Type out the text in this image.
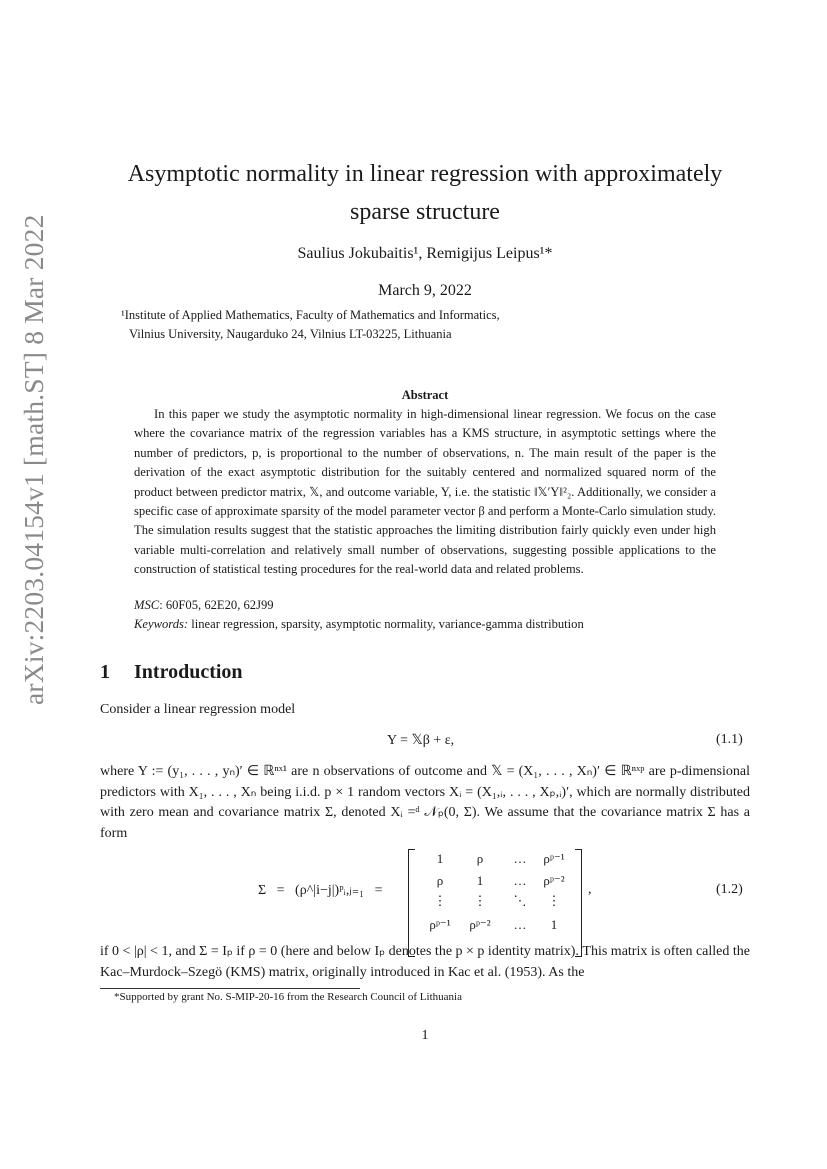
arXiv:2203.04154v1 [math.ST] 8 Mar 2022
Asymptotic normality in linear regression with approximately
sparse structure
Saulius Jokubaitis¹, Remigijus Leipus¹*
March 9, 2022
¹Institute of Applied Mathematics, Faculty of Mathematics and Informatics,
Vilnius University, Naugarduko 24, Vilnius LT-03225, Lithuania
Abstract
In this paper we study the asymptotic normality in high-dimensional linear regression. We focus on the case where the covariance matrix of the regression variables has a KMS structure, in asymptotic settings where the number of predictors, p, is proportional to the number of observations, n. The main result of the paper is the derivation of the exact asymptotic distribution for the suitably centered and normalized squared norm of the product between predictor matrix, 𝕏, and outcome variable, Y, i.e. the statistic ‖𝕏′Y‖²₂. Additionally, we consider a specific case of approximate sparsity of the model parameter vector β and perform a Monte-Carlo simulation study. The simulation results suggest that the statistic approaches the limiting distribution fairly quickly even under high variable multi-correlation and relatively small number of observations, suggesting possible applications to the construction of statistical testing procedures for the real-world data and related problems.
MSC: 60F05, 62E20, 62J99
Keywords: linear regression, sparsity, asymptotic normality, variance-gamma distribution
1 Introduction
Consider a linear regression model
Y = 𝕏β + ε,	(1.1)
where Y := (y₁, . . . , yₙ)′ ∈ ℝⁿˣ¹ are n observations of outcome and 𝕏 = (X₁, . . . , Xₙ)′ ∈ ℝⁿˣᵖ are p-dimensional predictors with X₁, . . . , Xₙ being i.i.d. p × 1 random vectors Xᵢ = (X₁,ᵢ, . . . , Xₚ,ᵢ)′, which are normally distributed with zero mean and covariance matrix Σ, denoted Xᵢ =ᵈ 𝒩ₚ(0, Σ). We assume that the covariance matrix Σ has a form
Σ   =   (ρ^|i−j|)ᵖᵢ,ⱼ₌₁   =
1	ρ	…	ρᵖ⁻¹
ρ	1	…	ρᵖ⁻²
⋮	⋮	⋱	⋮
ρᵖ⁻¹	ρᵖ⁻²	…	1
,	(1.2)
if 0 < |ρ| < 1, and Σ = Iₚ if ρ = 0 (here and below Iₚ denotes the p × p identity matrix). This matrix is often called the Kac–Murdock–Szegö (KMS) matrix, originally introduced in Kac et al. (1953). As the
*Supported by grant No. S-MIP-20-16 from the Research Council of Lithuania
1
